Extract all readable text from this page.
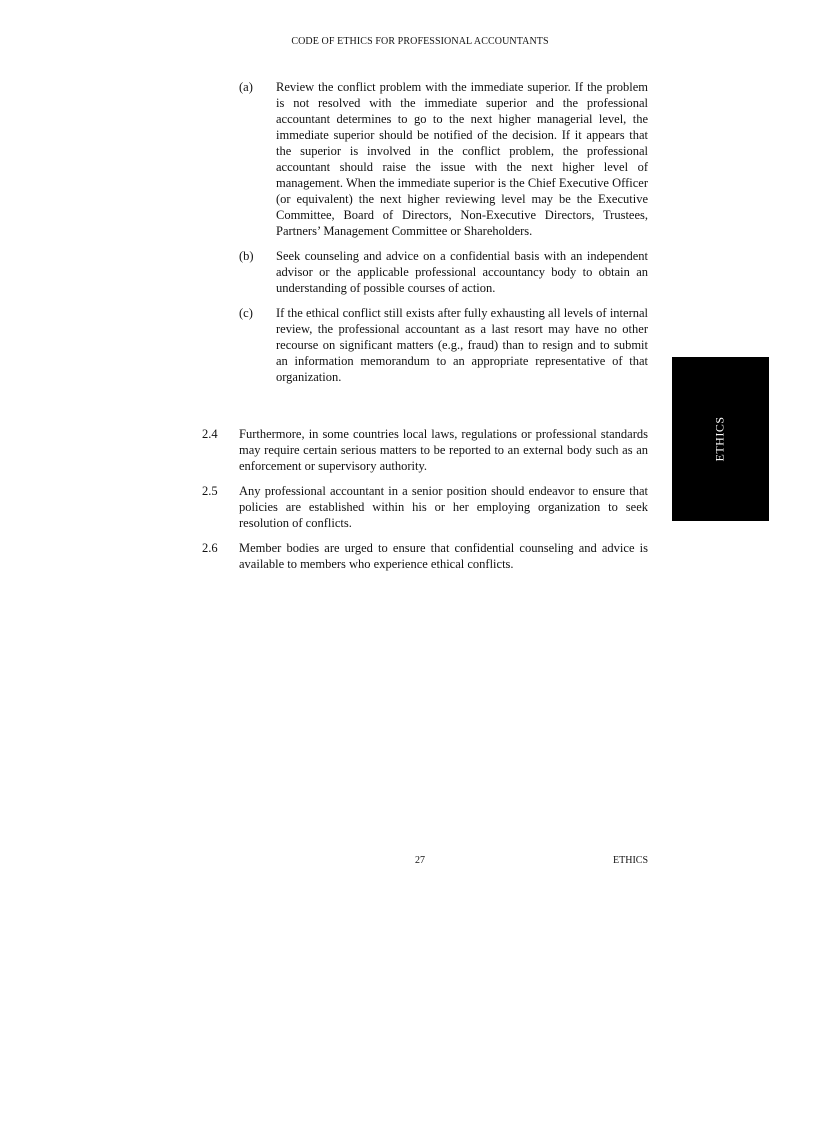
CODE OF ETHICS FOR PROFESSIONAL ACCOUNTANTS
(a)	Review the conflict problem with the immediate superior. If the problem is not resolved with the immediate superior and the professional accountant determines to go to the next higher managerial level, the immediate superior should be notified of the decision. If it appears that the superior is involved in the conflict problem, the professional accountant should raise the issue with the next higher level of management. When the immediate superior is the Chief Executive Officer (or equivalent) the next higher reviewing level may be the Executive Committee, Board of Directors, Non-Executive Directors, Trustees, Partners’ Management Committee or Shareholders.
(b)	Seek counseling and advice on a confidential basis with an independent advisor or the applicable professional accountancy body to obtain an understanding of possible courses of action.
(c)	If the ethical conflict still exists after fully exhausting all levels of internal review, the professional accountant as a last resort may have no other recourse on significant matters (e.g., fraud) than to resign and to submit an information memorandum to an appropriate representative of that organization.
2.4	Furthermore, in some countries local laws, regulations or professional standards may require certain serious matters to be reported to an external body such as an enforcement or supervisory authority.
2.5	Any professional accountant in a senior position should endeavor to ensure that policies are established within his or her employing organization to seek resolution of conflicts.
2.6	Member bodies are urged to ensure that confidential counseling and advice is available to members who experience ethical conflicts.
ETHICS
27	ETHICS
